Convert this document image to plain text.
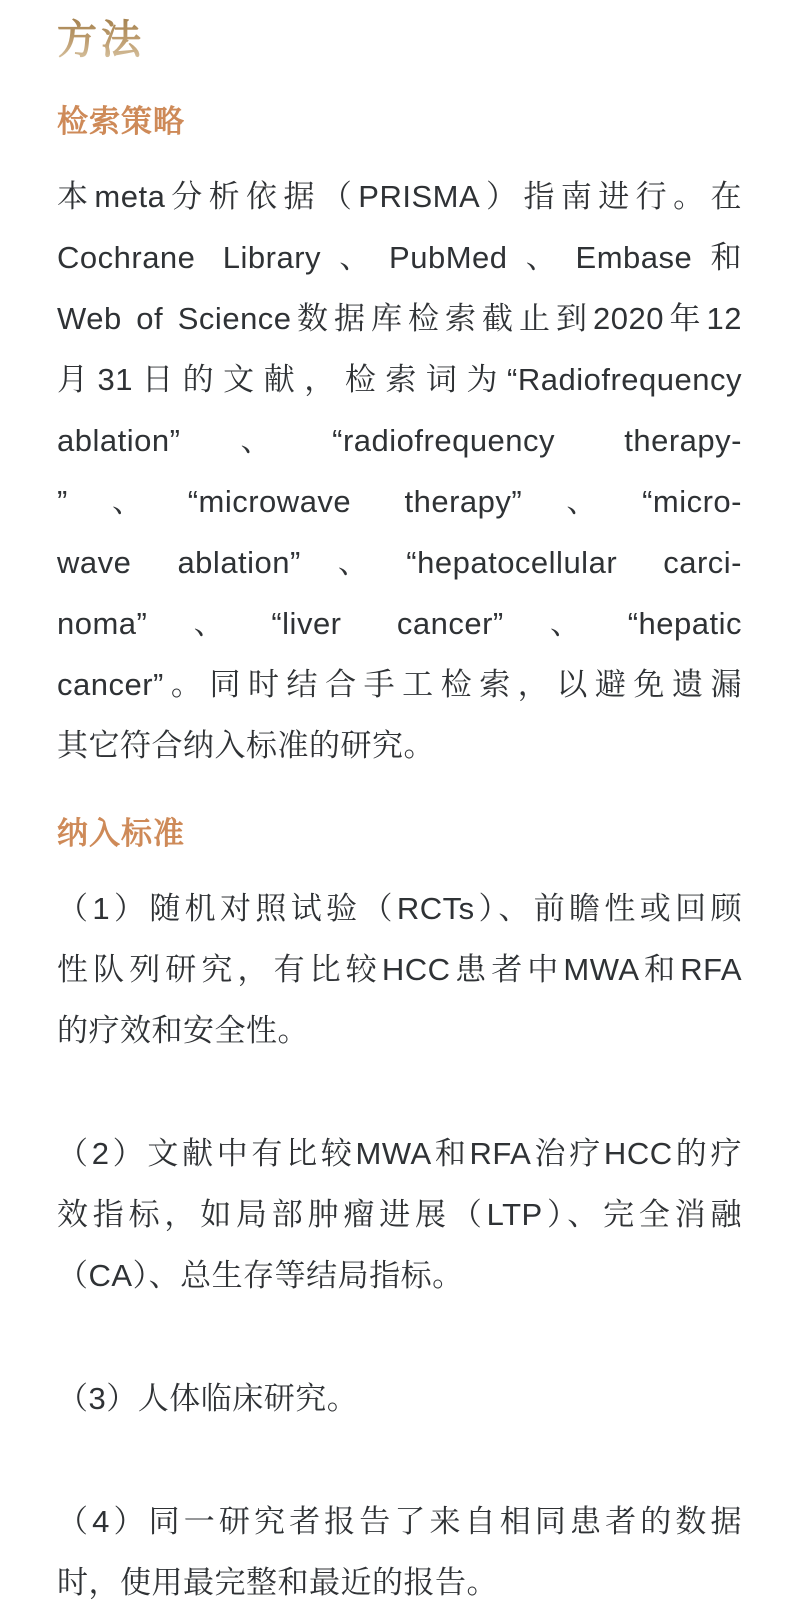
方法
检索策略
本meta分析依据（PRISMA）指南进行。在
Cochrane Library、PubMed、Embase和
Web of Science数据库检索截止到2020年12
月31日的文献，检索词为“Radiofrequency
ablation”、“radiofrequency therapy-
”、“microwave therapy”、“micro-
wave ablation”、“hepatocellular carci-
noma”、“liver cancer”、“hepatic
cancer”。同时结合手工检索，以避免遗漏
其它符合纳入标准的研究。
纳入标准
（1）随机对照试验（RCTs）、前瞻性或回顾
性队列研究，有比较HCC患者中MWA和RFA
的疗效和安全性。
（2）文献中有比较MWA和RFA治疗HCC的疗
效指标，如局部肿瘤进展（LTP）、完全消融
（CA）、总生存等结局指标。
（3）人体临床研究。
（4）同一研究者报告了来自相同患者的数据
时，使用最完整和最近的报告。
